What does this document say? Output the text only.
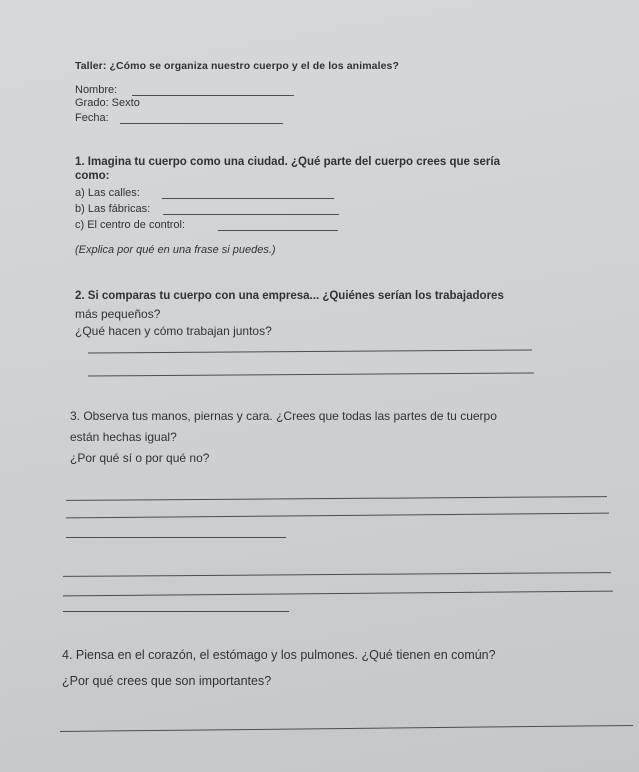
Taller: ¿Cómo se organiza nuestro cuerpo y el de los animales?
Nombre:
Grado: Sexto
Fecha:
1. Imagina tu cuerpo como una ciudad. ¿Qué parte del cuerpo crees que sería
como:
a) Las calles:
b) Las fábricas:
c) El centro de control:
(Explica por qué en una frase si puedes.)
2. Si comparas tu cuerpo con una empresa... ¿Quiénes serían los trabajadores
más pequeños?
¿Qué hacen y cómo trabajan juntos?
3. Observa tus manos, piernas y cara. ¿Crees que todas las partes de tu cuerpo
están hechas igual?
¿Por qué sí o por qué no?
4. Piensa en el corazón, el estómago y los pulmones. ¿Qué tienen en común?
¿Por qué crees que son importantes?
